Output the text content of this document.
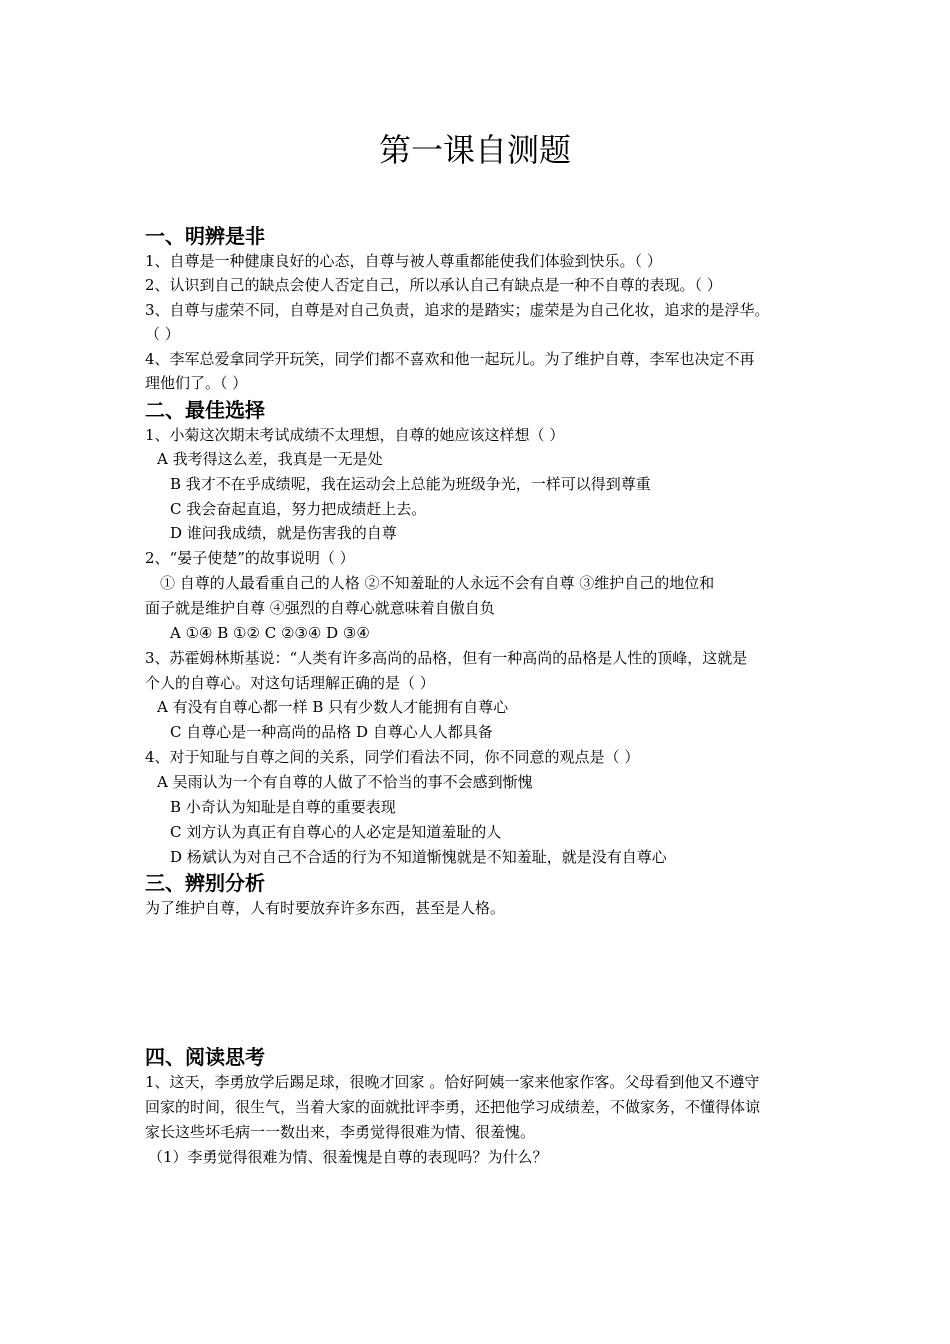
第一课自测题
一、明辨是非
1、自尊是一种健康良好的心态，自尊与被人尊重都能使我们体验到快乐。（ ）
2、认识到自己的缺点会使人否定自己，所以承认自己有缺点是一种不自尊的表现。（ ）
3、自尊与虚荣不同，自尊是对自己负责，追求的是踏实；虚荣是为自己化妆，追求的是浮华。
（ ）
4、李军总爱拿同学开玩笑，同学们都不喜欢和他一起玩儿。为了维护自尊，李军也决定不再
理他们了。（ ）
二、最佳选择
1、小菊这次期末考试成绩不太理想，自尊的她应该这样想（ ）
A 我考得这么差，我真是一无是处
B 我才不在乎成绩呢，我在运动会上总能为班级争光，一样可以得到尊重
C 我会奋起直追，努力把成绩赶上去。
D 谁问我成绩，就是伤害我的自尊
2、“晏子使楚”的故事说明（ ）
① 自尊的人最看重自己的人格 ②不知羞耻的人永远不会有自尊 ③维护自己的地位和
面子就是维护自尊 ④强烈的自尊心就意味着自傲自负
A ①④ B ①② C ②③④ D ③④
3、苏霍姆林斯基说：“人类有许多高尚的品格，但有一种高尚的品格是人性的顶峰，这就是
个人的自尊心。对这句话理解正确的是（ ）
A 有没有自尊心都一样 B 只有少数人才能拥有自尊心
C 自尊心是一种高尚的品格 D 自尊心人人都具备
4、对于知耻与自尊之间的关系，同学们看法不同，你不同意的观点是（ ）
A 吴雨认为一个有自尊的人做了不恰当的事不会感到惭愧
B 小奇认为知耻是自尊的重要表现
C 刘方认为真正有自尊心的人必定是知道羞耻的人
D 杨斌认为对自己不合适的行为不知道惭愧就是不知羞耻，就是没有自尊心
三、辨别分析
为了维护自尊，人有时要放弃许多东西，甚至是人格。
四、阅读思考
1、这天，李勇放学后踢足球，很晚才回家 。恰好阿姨一家来他家作客。父母看到他又不遵守
回家的时间，很生气，当着大家的面就批评李勇，还把他学习成绩差，不做家务，不懂得体谅
家长这些坏毛病一一数出来，李勇觉得很难为情、很羞愧。
（1）李勇觉得很难为情、很羞愧是自尊的表现吗？为什么？
